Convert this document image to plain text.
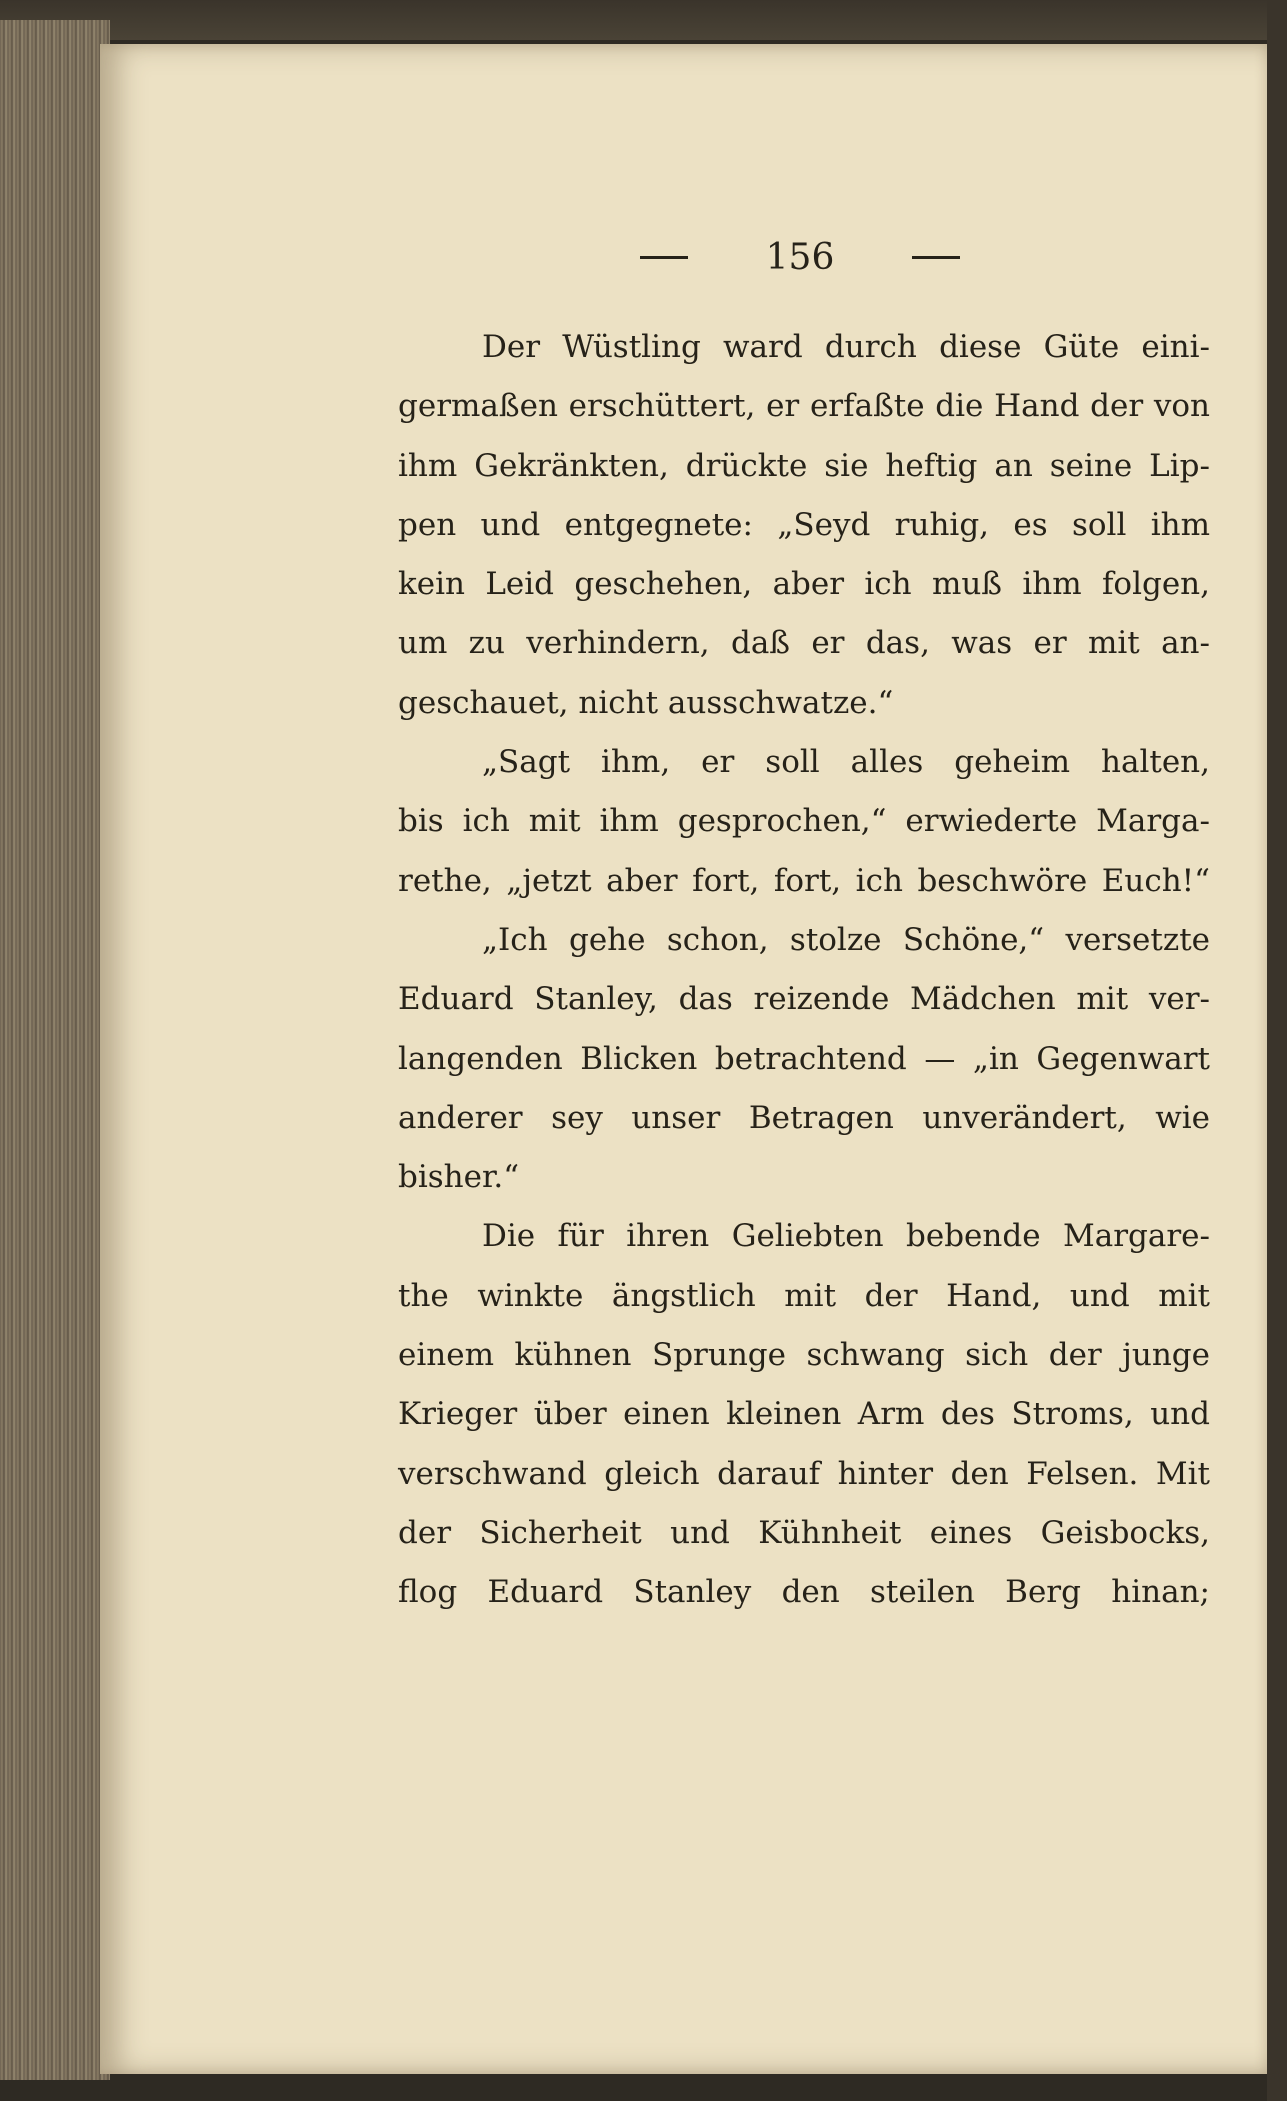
156
Der Wüstling ward durch diese Güte eini-
germaßen erschüttert, er erfaßte die Hand der von
ihm Gekränkten, drückte sie heftig an seine Lip-
pen und entgegnete: „Seyd ruhig, es soll ihm
kein Leid geschehen, aber ich muß ihm folgen,
um zu verhindern, daß er das, was er mit an-
geschauet, nicht ausschwatze.“
„Sagt ihm, er soll alles geheim halten,
bis ich mit ihm gesprochen,“ erwiederte Marga-
rethe, „jetzt aber fort, fort, ich beschwöre Euch!“
„Ich gehe schon, stolze Schöne,“ versetzte
Eduard Stanley, das reizende Mädchen mit ver-
langenden Blicken betrachtend — „in Gegenwart
anderer sey unser Betragen unverändert, wie
bisher.“
Die für ihren Geliebten bebende Margare-
the winkte ängstlich mit der Hand, und mit
einem kühnen Sprunge schwang sich der junge
Krieger über einen kleinen Arm des Stroms, und
verschwand gleich darauf hinter den Felsen. Mit
der Sicherheit und Kühnheit eines Geisbocks,
flog Eduard Stanley den steilen Berg hinan;
